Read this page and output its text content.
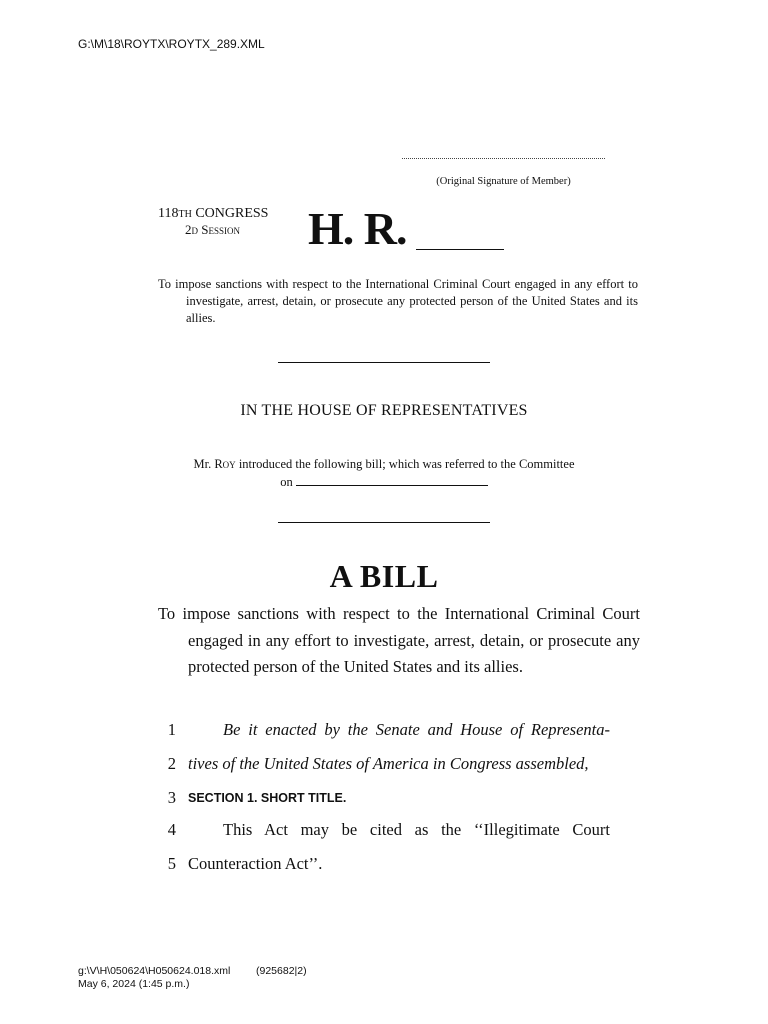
G:\M\18\ROYTX\ROYTX_289.XML
(Original Signature of Member)
118th CONGRESS
2d Session H. R.
To impose sanctions with respect to the International Criminal Court engaged in any effort to investigate, arrest, detain, or prosecute any protected person of the United States and its allies.
IN THE HOUSE OF REPRESENTATIVES
Mr. Roy introduced the following bill; which was referred to the Committee
on
A BILL
To impose sanctions with respect to the International Criminal Court engaged in any effort to investigate, arrest, detain, or prosecute any protected person of the United States and its allies.
1	Be it enacted by the Senate and House of Representa-
2 tives of the United States of America in Congress assembled,
3 SECTION 1. SHORT TITLE.
4	This Act may be cited as the ‘‘Illegitimate Court
5 Counteraction Act’’.
g:\V\H\050624\H050624.018.xml (925682|2)
May 6, 2024 (1:45 p.m.)
